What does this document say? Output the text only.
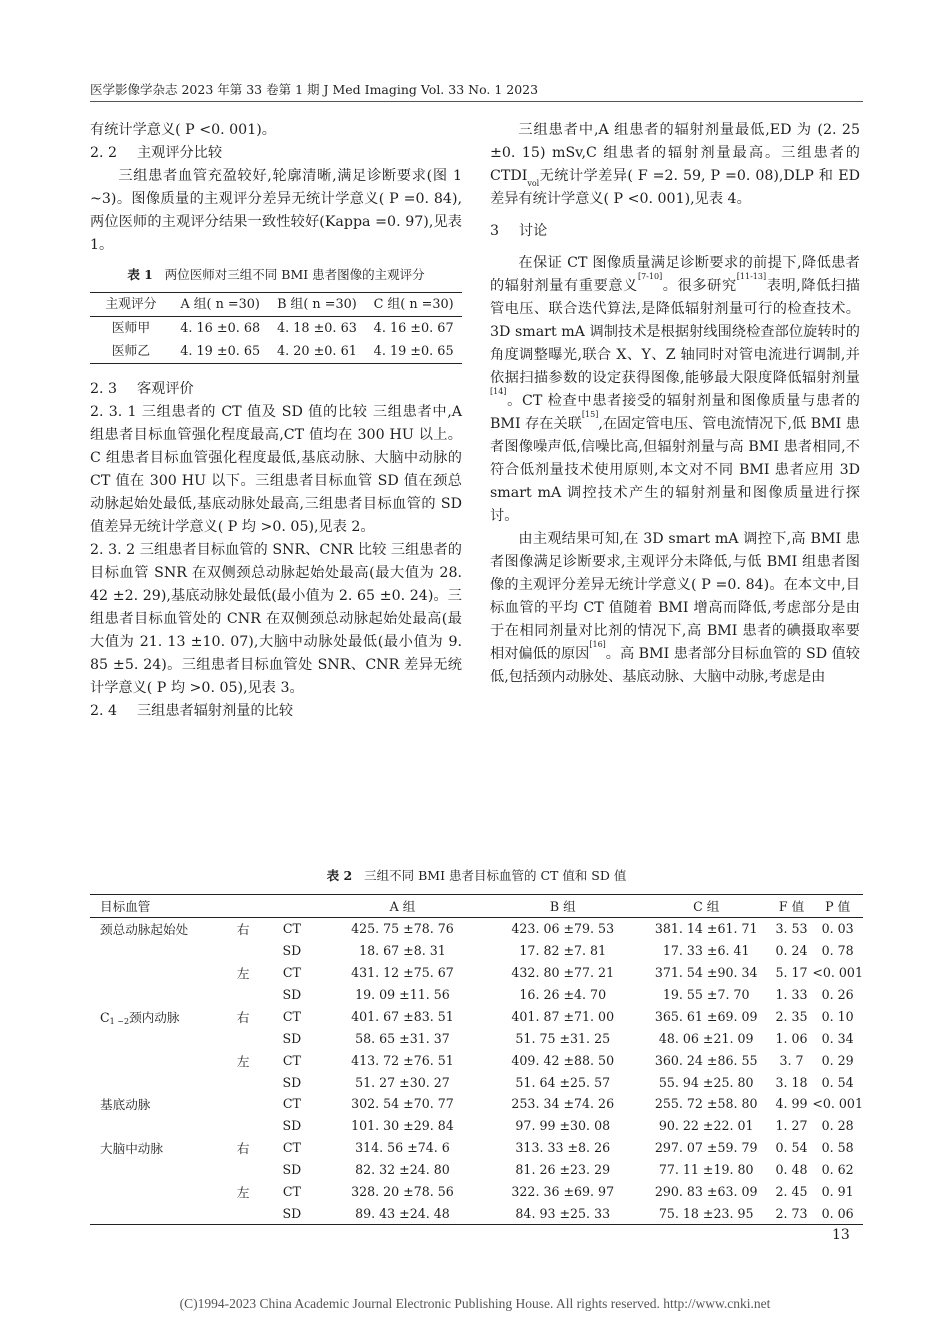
医学影像学杂志 2023 年第 33 卷第 1 期 J Med Imaging Vol. 33 No. 1 2023

有统计学意义( P <0. 001)。

2. 2 主观评分比较

三组患者血管充盈较好,轮廓清晰,满足诊断要求(图 1 ~3)。图像质量的主观评分差异无统计学意义( P =0. 84),两位医师的主观评分结果一致性较好(Kappa =0. 97),见表 1。

表 1 两位医师对三组不同 BMI 患者图像的主观评分
主观评分	A 组( n =30)	B 组( n =30)	C 组( n =30)
医师甲	4. 16 ±0. 68	4. 18 ±0. 63	4. 16 ±0. 67
医师乙	4. 19 ±0. 65	4. 20 ±0. 61	4. 19 ±0. 65

2. 3 客观评价

2. 3. 1 三组患者的 CT 值及 SD 值的比较 三组患者中,A 组患者目标血管强化程度最高,CT 值均在 300 HU 以上。C 组患者目标血管强化程度最低,基底动脉、大脑中动脉的 CT 值在 300 HU 以下。三组患者目标血管 SD 值在颈总动脉起始处最低,基底动脉处最高,三组患者目标血管的 SD 值差异无统计学意义( P 均 >0. 05),见表 2。

2. 3. 2 三组患者目标血管的 SNR、CNR 比较 三组患者的目标血管 SNR 在双侧颈总动脉起始处最高(最大值为 28. 42 ±2. 29),基底动脉处最低(最小值为 2. 65 ±0. 24)。三组患者目标血管处的 CNR 在双侧颈总动脉起始处最高(最大值为 21. 13 ±10. 07),大脑中动脉处最低(最小值为 9. 85 ±5. 24)。三组患者目标血管处 SNR、CNR 差异无统计学意义( P 均 >0. 05),见表 3。

2. 4 三组患者辐射剂量的比较

三组患者中,A 组患者的辐射剂量最低,ED 为 (2. 25 ±0. 15) mSv,C 组患者的辐射剂量最高。三组患者的 CTDIvol无统计学差异( F =2. 59, P =0. 08),DLP 和 ED 差异有统计学意义( P <0. 001),见表 4。

3 讨论

在保证 CT 图像质量满足诊断要求的前提下,降低患者的辐射剂量有重要意义[7-10]。很多研究[11-13]表明,降低扫描管电压、联合迭代算法,是降低辐射剂量可行的检查技术。3D smart mA 调制技术是根据射线围绕检查部位旋转时的角度调整曝光,联合 X、Y、Z 轴同时对管电流进行调制,并依据扫描参数的设定获得图像,能够最大限度降低辐射剂量[14]。CT 检查中患者接受的辐射剂量和图像质量与患者的 BMI 存在关联[15],在固定管电压、管电流情况下,低 BMI 患者图像噪声低,信噪比高,但辐射剂量与高 BMI 患者相同,不符合低剂量技术使用原则,本文对不同 BMI 患者应用 3D smart mA 调控技术产生的辐射剂量和图像质量进行探讨。

由主观结果可知,在 3D smart mA 调控下,高 BMI 患者图像满足诊断要求,主观评分未降低,与低 BMI 组患者图像的主观评分差异无统计学意义( P =0. 84)。在本文中,目标血管的平均 CT 值随着 BMI 增高而降低,考虑部分是由于在相同剂量对比剂的情况下,高 BMI 患者的碘摄取率要相对偏低的原因[16]。高 BMI 患者部分目标血管的 SD 值较低,包括颈内动脉处、基底动脉、大脑中动脉,考虑是由

表 2 三组不同 BMI 患者目标血管的 CT 值和 SD 值
目标血管			A 组	B 组	C 组	F 值	P 值
颈总动脉起始处	右	CT	425. 75 ±78. 76	423. 06 ±79. 53	381. 14 ±61. 71	3. 53	0. 03
		SD	18. 67 ±8. 31	17. 82 ±7. 81	17. 33 ±6. 41	0. 24	0. 78
	左	CT	431. 12 ±75. 67	432. 80 ±77. 21	371. 54 ±90. 34	5. 17	<0. 001
		SD	19. 09 ±11. 56	16. 26 ±4. 70	19. 55 ±7. 70	1. 33	0. 26
C1 ~2颈内动脉	右	CT	401. 67 ±83. 51	401. 87 ±71. 00	365. 61 ±69. 09	2. 35	0. 10
		SD	58. 65 ±31. 37	51. 75 ±31. 25	48. 06 ±21. 09	1. 06	0. 34
	左	CT	413. 72 ±76. 51	409. 42 ±88. 50	360. 24 ±86. 55	3. 7	0. 29
		SD	51. 27 ±30. 27	51. 64 ±25. 57	55. 94 ±25. 80	3. 18	0. 54
基底动脉		CT	302. 54 ±70. 77	253. 34 ±74. 26	255. 72 ±58. 80	4. 99	<0. 001
		SD	101. 30 ±29. 84	97. 99 ±30. 08	90. 22 ±22. 01	1. 27	0. 28
大脑中动脉	右	CT	314. 56 ±74. 6	313. 33 ±8. 26	297. 07 ±59. 79	0. 54	0. 58
		SD	82. 32 ±24. 80	81. 26 ±23. 29	77. 11 ±19. 80	0. 48	0. 62
	左	CT	328. 20 ±78. 56	322. 36 ±69. 97	290. 83 ±63. 09	2. 45	0. 91
		SD	89. 43 ±24. 48	84. 93 ±25. 33	75. 18 ±23. 95	2. 73	0. 06
13
(C)1994-2023 China Academic Journal Electronic Publishing House. All rights reserved. http://www.cnki.net
